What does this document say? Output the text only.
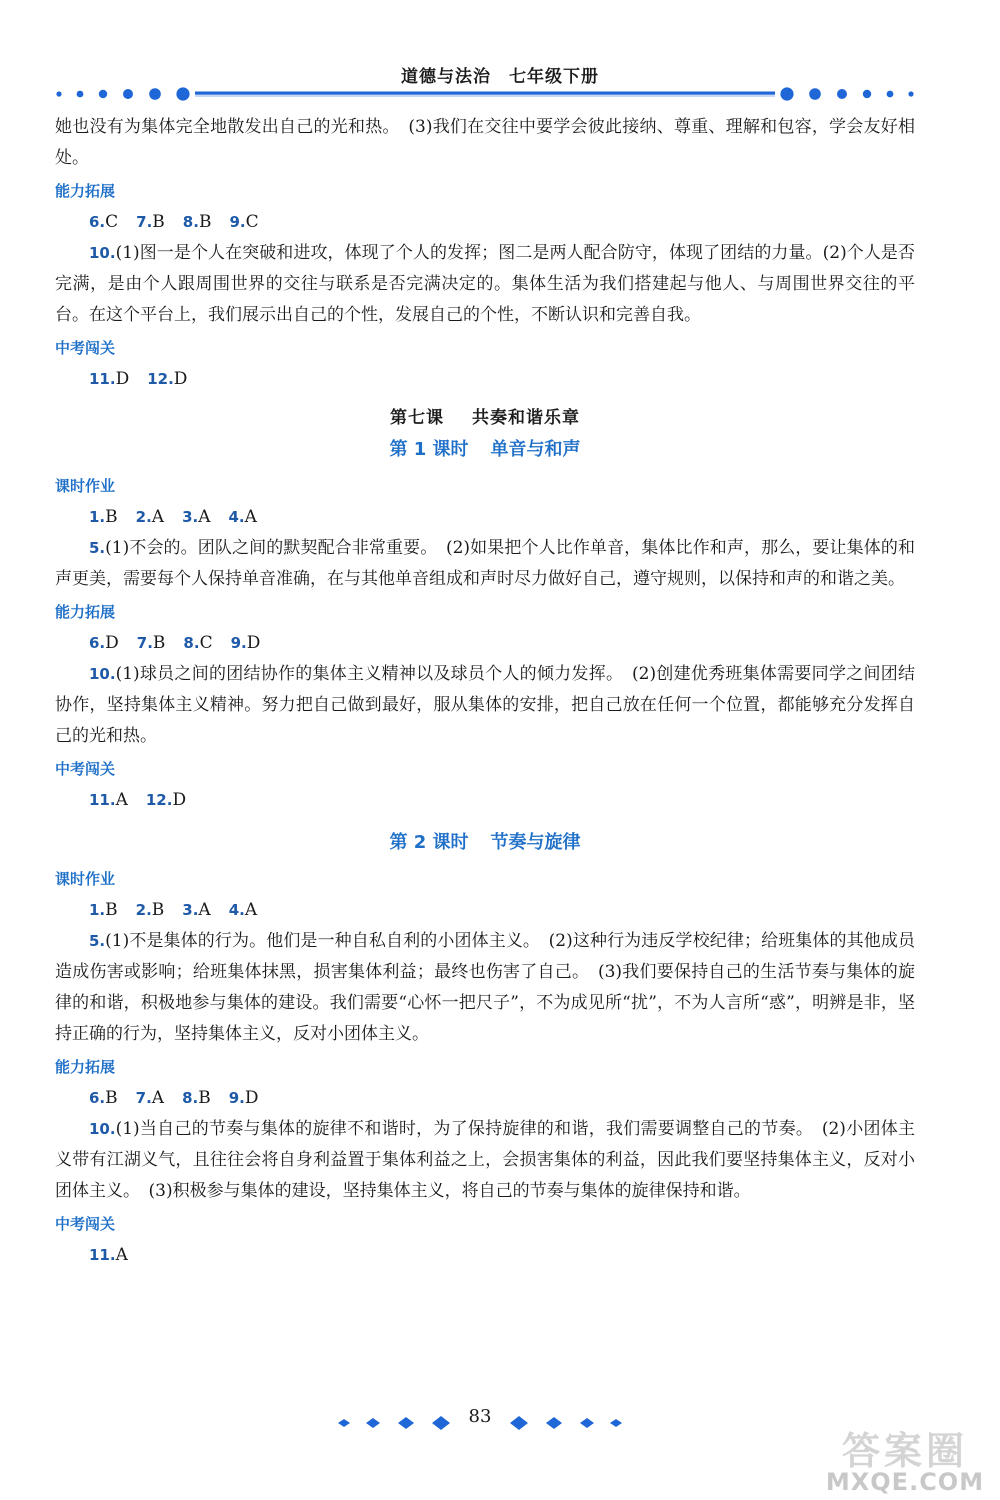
道德与法治　七年级下册

她也没有为集体完全地散发出自己的光和热。　(3)我们在交往中要学会彼此接纳、尊重、理解和包容，学会友好相处。

能力拓展

6.C 7.B 8.B 9.C

10.(1)图一是个人在突破和进攻，体现了个人的发挥；图二是两人配合防守，体现了团结的力量。(2)个人是否完满，是由个人跟周围世界的交往与联系是否完满决定的。集体生活为我们搭建起与他人、与周围世界交往的平台。在这个平台上，我们展示出自己的个性，发展自己的个性，不断认识和完善自我。

中考闯关

11.D 12.D

第七课 共奏和谐乐章
第 1 课时 单音与和声
课时作业

1.B 2.A 3.A 4.A

5.(1)不会的。团队之间的默契配合非常重要。　(2)如果把个人比作单音，集体比作和声，那么，要让集体的和声更美，需要每个人保持单音准确，在与其他单音组成和声时尽力做好自己，遵守规则，以保持和声的和谐之美。

能力拓展

6.D 7.B 8.C 9.D

10.(1)球员之间的团结协作的集体主义精神以及球员个人的倾力发挥。　(2)创建优秀班集体需要同学之间团结协作，坚持集体主义精神。努力把自己做到最好，服从集体的安排，把自己放在任何一个位置，都能够充分发挥自己的光和热。

中考闯关

11.A 12.D

第 2 课时 节奏与旋律
课时作业

1.B 2.B 3.A 4.A

5.(1)不是集体的行为。他们是一种自私自利的小团体主义。　(2)这种行为违反学校纪律；给班集体的其他成员造成伤害或影响；给班集体抹黑，损害集体利益；最终也伤害了自己。　(3)我们要保持自己的生活节奏与集体的旋律的和谐，积极地参与集体的建设。我们需要“心怀一把尺子”，不为成见所“扰”，不为人言所“惑”，明辨是非，坚持正确的行为，坚持集体主义，反对小团体主义。

能力拓展

6.B 7.A 8.B 9.D

10.(1)当自己的节奏与集体的旋律不和谐时，为了保持旋律的和谐，我们需要调整自己的节奏。　(2)小团体主义带有江湖义气，且往往会将自身利益置于集体利益之上，会损害集体的利益，因此我们要坚持集体主义，反对小团体主义。　(3)积极参与集体的建设，坚持集体主义，将自己的节奏与集体的旋律保持和谐。

中考闯关

11.A

83
答案圈
MXQE.COM
